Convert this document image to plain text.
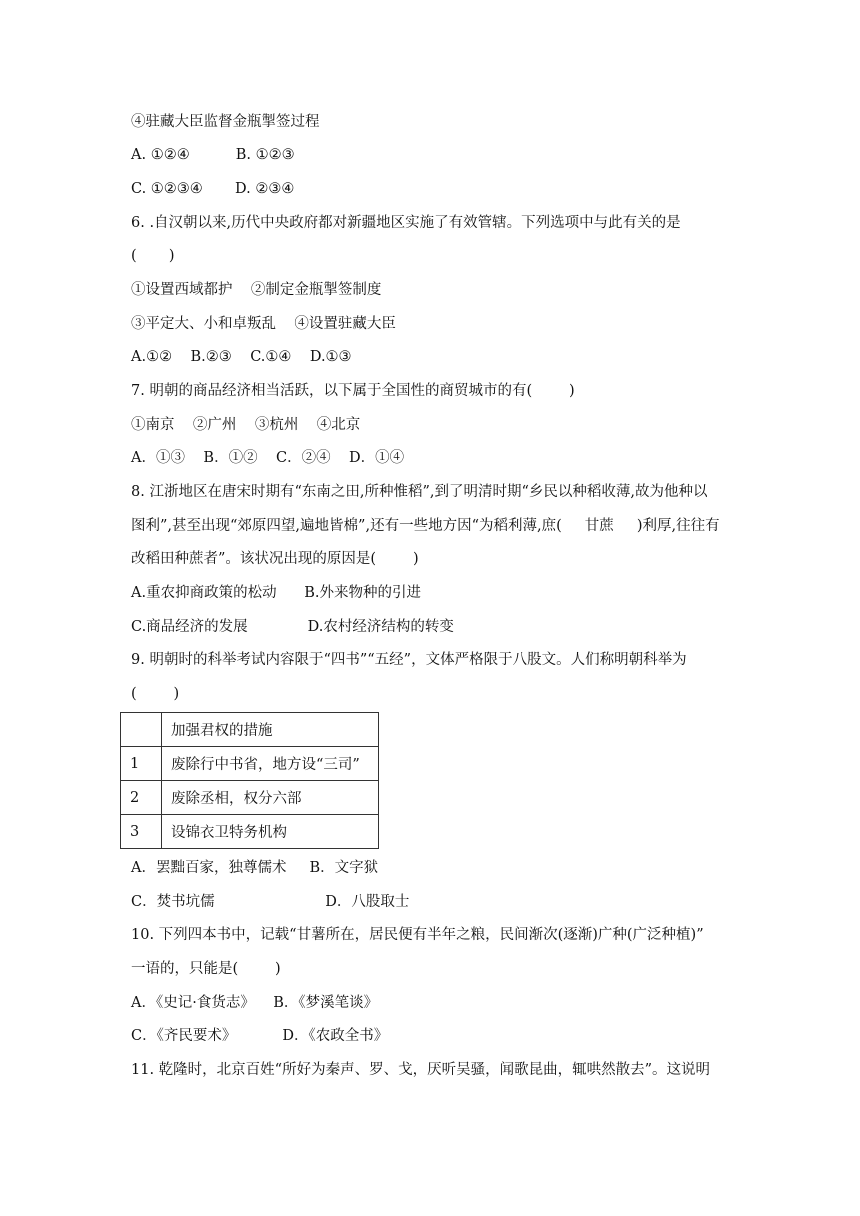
④驻藏大臣监督金瓶掣签过程
A. ①②④          B. ①②③
C. ①②③④       D. ②③④
6. .自汉朝以来,历代中央政府都对新疆地区实施了有效管辖。下列选项中与此有关的是
(       )
①设置西域都护    ②制定金瓶掣签制度
③平定大、小和卓叛乱    ④设置驻藏大臣
A.①②    B.②③    C.①④    D.①③
7. 明朝的商品经济相当活跃，以下属于全国性的商贸城市的有(        )
①南京    ②广州    ③杭州    ④北京
A．①③    B．①②    C．②④    D．①④
8. 江浙地区在唐宋时期有“东南之田,所种惟稻”,到了明清时期“乡民以种稻收薄,故为他种以
图利”,甚至出现“郊原四望,遍地皆棉”,还有一些地方因“为稻利薄,庶(     甘蔗     )利厚,往往有
改稻田种蔗者”。该状况出现的原因是(        )
A.重农抑商政策的松动      B.外来物种的引进
C.商品经济的发展             D.农村经济结构的转变
9. 明朝时的科举考试内容限于“四书”“五经”，文体严格限于八股文。人们称明朝科举为
(        )
	加强君权的措施
1	废除行中书省，地方设“三司”
2	废除丞相，权分六部
3	设锦衣卫特务机构
A．罢黜百家，独尊儒术     B．文字狱
C．焚书坑儒                        D．八股取士
10. 下列四本书中，记载“甘薯所在，居民便有半年之粮，民间渐次(逐渐)广种(广泛种植)”
一语的，只能是(        )
A．《史记·食货志》    B．《梦溪笔谈》
C．《齐民要术》          D．《农政全书》
11. 乾隆时，北京百姓“所好为秦声、罗、戈，厌听吴骚，闻歌昆曲，辄哄然散去”。这说明
